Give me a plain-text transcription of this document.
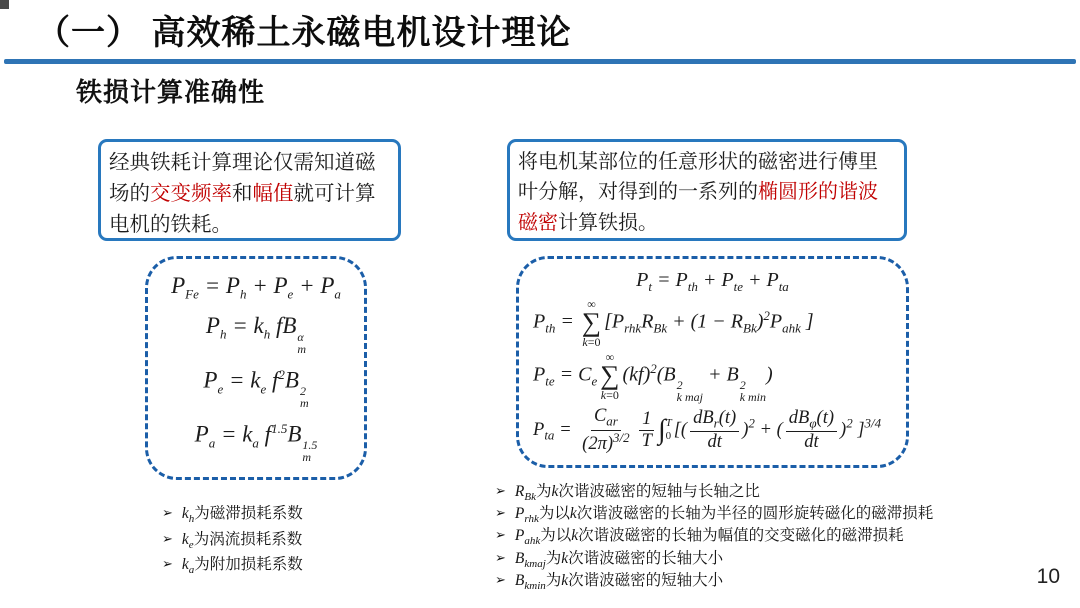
（一） 高效稀土永磁电机设计理论
铁损计算准确性
经典铁耗计算理论仅需知道磁场的交变频率和幅值就可计算电机的铁耗。
将电机某部位的任意形状的磁密进行傅里叶分解，对得到的一系列的椭圆形的谐波磁密计算铁损。
$P_{Fe} = P_h + P_e + P_a$
$P_h = k_h$ fB α
m
$P_e = k_e$ $f^2B$ 2
m
$P_a = k_a$ $f^{1.5}B$ 1.5
m
$P_t = P_{th} + P_{te} + P_{ta}$
$P_{th}$ =
∞
∑
k=0
[$P_{rhk}R_{Bk} + (1 - R_{Bk})^2P_{ahk}$ ]
$P_{te} = C_e$
∞
∑
k=0
(kf)$^2$(B 2
k maj
+ B 2
k min
)
$P_{ta}$ =
$C_{ar}$
$(2\pi)^{3/2} \frac{1}{T}$ ∫ T
0 [(
$dB_r(t)$
dt
)$^2$ + (
$dB_\varphi(t)$
dt
)$^2$ ]$^{3/4}$
➢ $k_h$为磁滞损耗系数
➢ $k_e$为涡流损耗系数
➢ $k_a$为附加损耗系数
➢ $R_{Bk}$为k次谐波磁密的短轴与长轴之比
➢ $P_{rhk}$为以k次谐波磁密的长轴为半径的圆形旋转磁化的磁滞损耗
➢ $P_{ahk}$为以k次谐波磁密的长轴为幅值的交变磁化的磁滞损耗
➢ $B_{kmaj}$为k次谐波磁密的长轴大小
➢ $B_{kmin}$为k次谐波磁密的短轴大小	10
